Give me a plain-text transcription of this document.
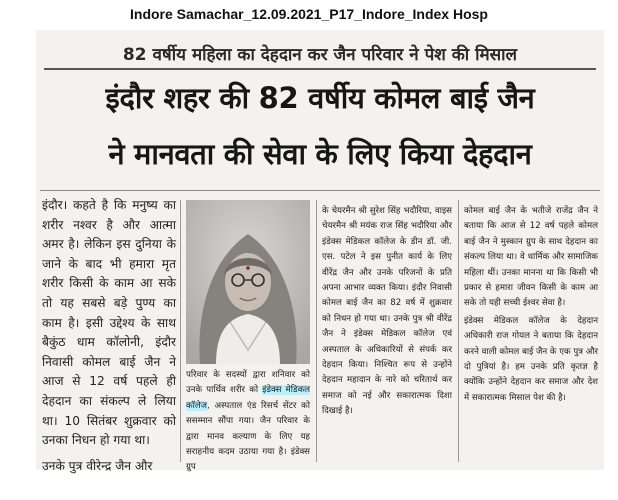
Indore Samachar_12.09.2021_P17_Indore_Index Hosp
82 वर्षीय महिला का देहदान कर जैन परिवार ने पेश की मिसाल
इंदौर शहर की 82 वर्षीय कोमल बाई जैन
ने मानवता की सेवा के लिए किया देहदान

इंदौर। कहते है कि मनुष्य का शरीर नश्वर है और आत्मा अमर है। लेकिन इस दुनिया के जाने के बाद भी हमारा मृत शरीर किसी के काम आ सके तो यह सबसे बड़े पुण्य का काम है। इसी उद्देश्य के साथ बैकुंठ धाम कॉलोनी, इंदौर निवासी कोमल बाई जैन ने आज से 12 वर्ष पहले ही देहदान का संकल्प ले लिया था। 10 सितंबर शुक्रवार को उनका निधन हो गया था।

उनके पुत्र वीरेन्द्र जैन और

परिवार के सदस्यों द्वारा शनिवार को उनके पार्थिव शरीर को इंडेक्स मेडिकल कॉलेज, अस्पताल एंड रिसर्च सेंटर को ससम्मान सौंपा गया। जैन परिवार के द्वारा मानव कल्याण के लिए यह सराहनीय कदम उठाया गया है। इंडेक्स ग्रुप

के चेयरमैन श्री सुरेश सिंह भदौरिया, वाइस चेयरमैन श्री मयंक राज सिंह भदौरिया और इंडेक्स मेडिकल कॉलेज के डीन डॉ. जी. एस. पटेल ने इस पुनीत कार्य के लिए वीरेंद्र जैन और उनके परिजनों के प्रति अपना आभार व्यक्त किया। इंदौर निवासी कोमल बाई जैन का 82 वर्ष में शुक्रवार को निधन हो गया था। उनके पुत्र श्री वीरेंद्र जैन ने इंडेक्स मेडिकल कॉलेज एवं अस्पताल के अधिकारियों से संपर्क कर देहदान किया। निश्चित रूप से उन्होंने देहदान महादान के नारे को चरितार्थ कर समाज को नई और सकारात्मक दिशा दिखाई है।

कोमल बाई जैन के भतीजे राजेंद्र जैन ने बताया कि आज से 12 वर्ष पहले कोमल बाई जैन ने मुस्कान ग्रुप के साथ देहदान का संकल्प लिया था। वे धार्मिक और सामाजिक महिला थीं। उनका मानना था कि किसी भी प्रकार से हमारा जीवन किसी के काम आ सके तो यही सच्ची ईश्वर सेवा है।

इंडेक्स मेडिकल कॉलेज के देहदान अधिकारी राज गोयल ने बताया कि देहदान करने वाली कोमल बाई जैन के एक पुत्र और दो पुत्रियां है। हम उनके प्रति कृतज्ञ है क्योंकि उन्होंने देहदान कर समाज और देश में सकारात्मक मिसाल पेश की है।
